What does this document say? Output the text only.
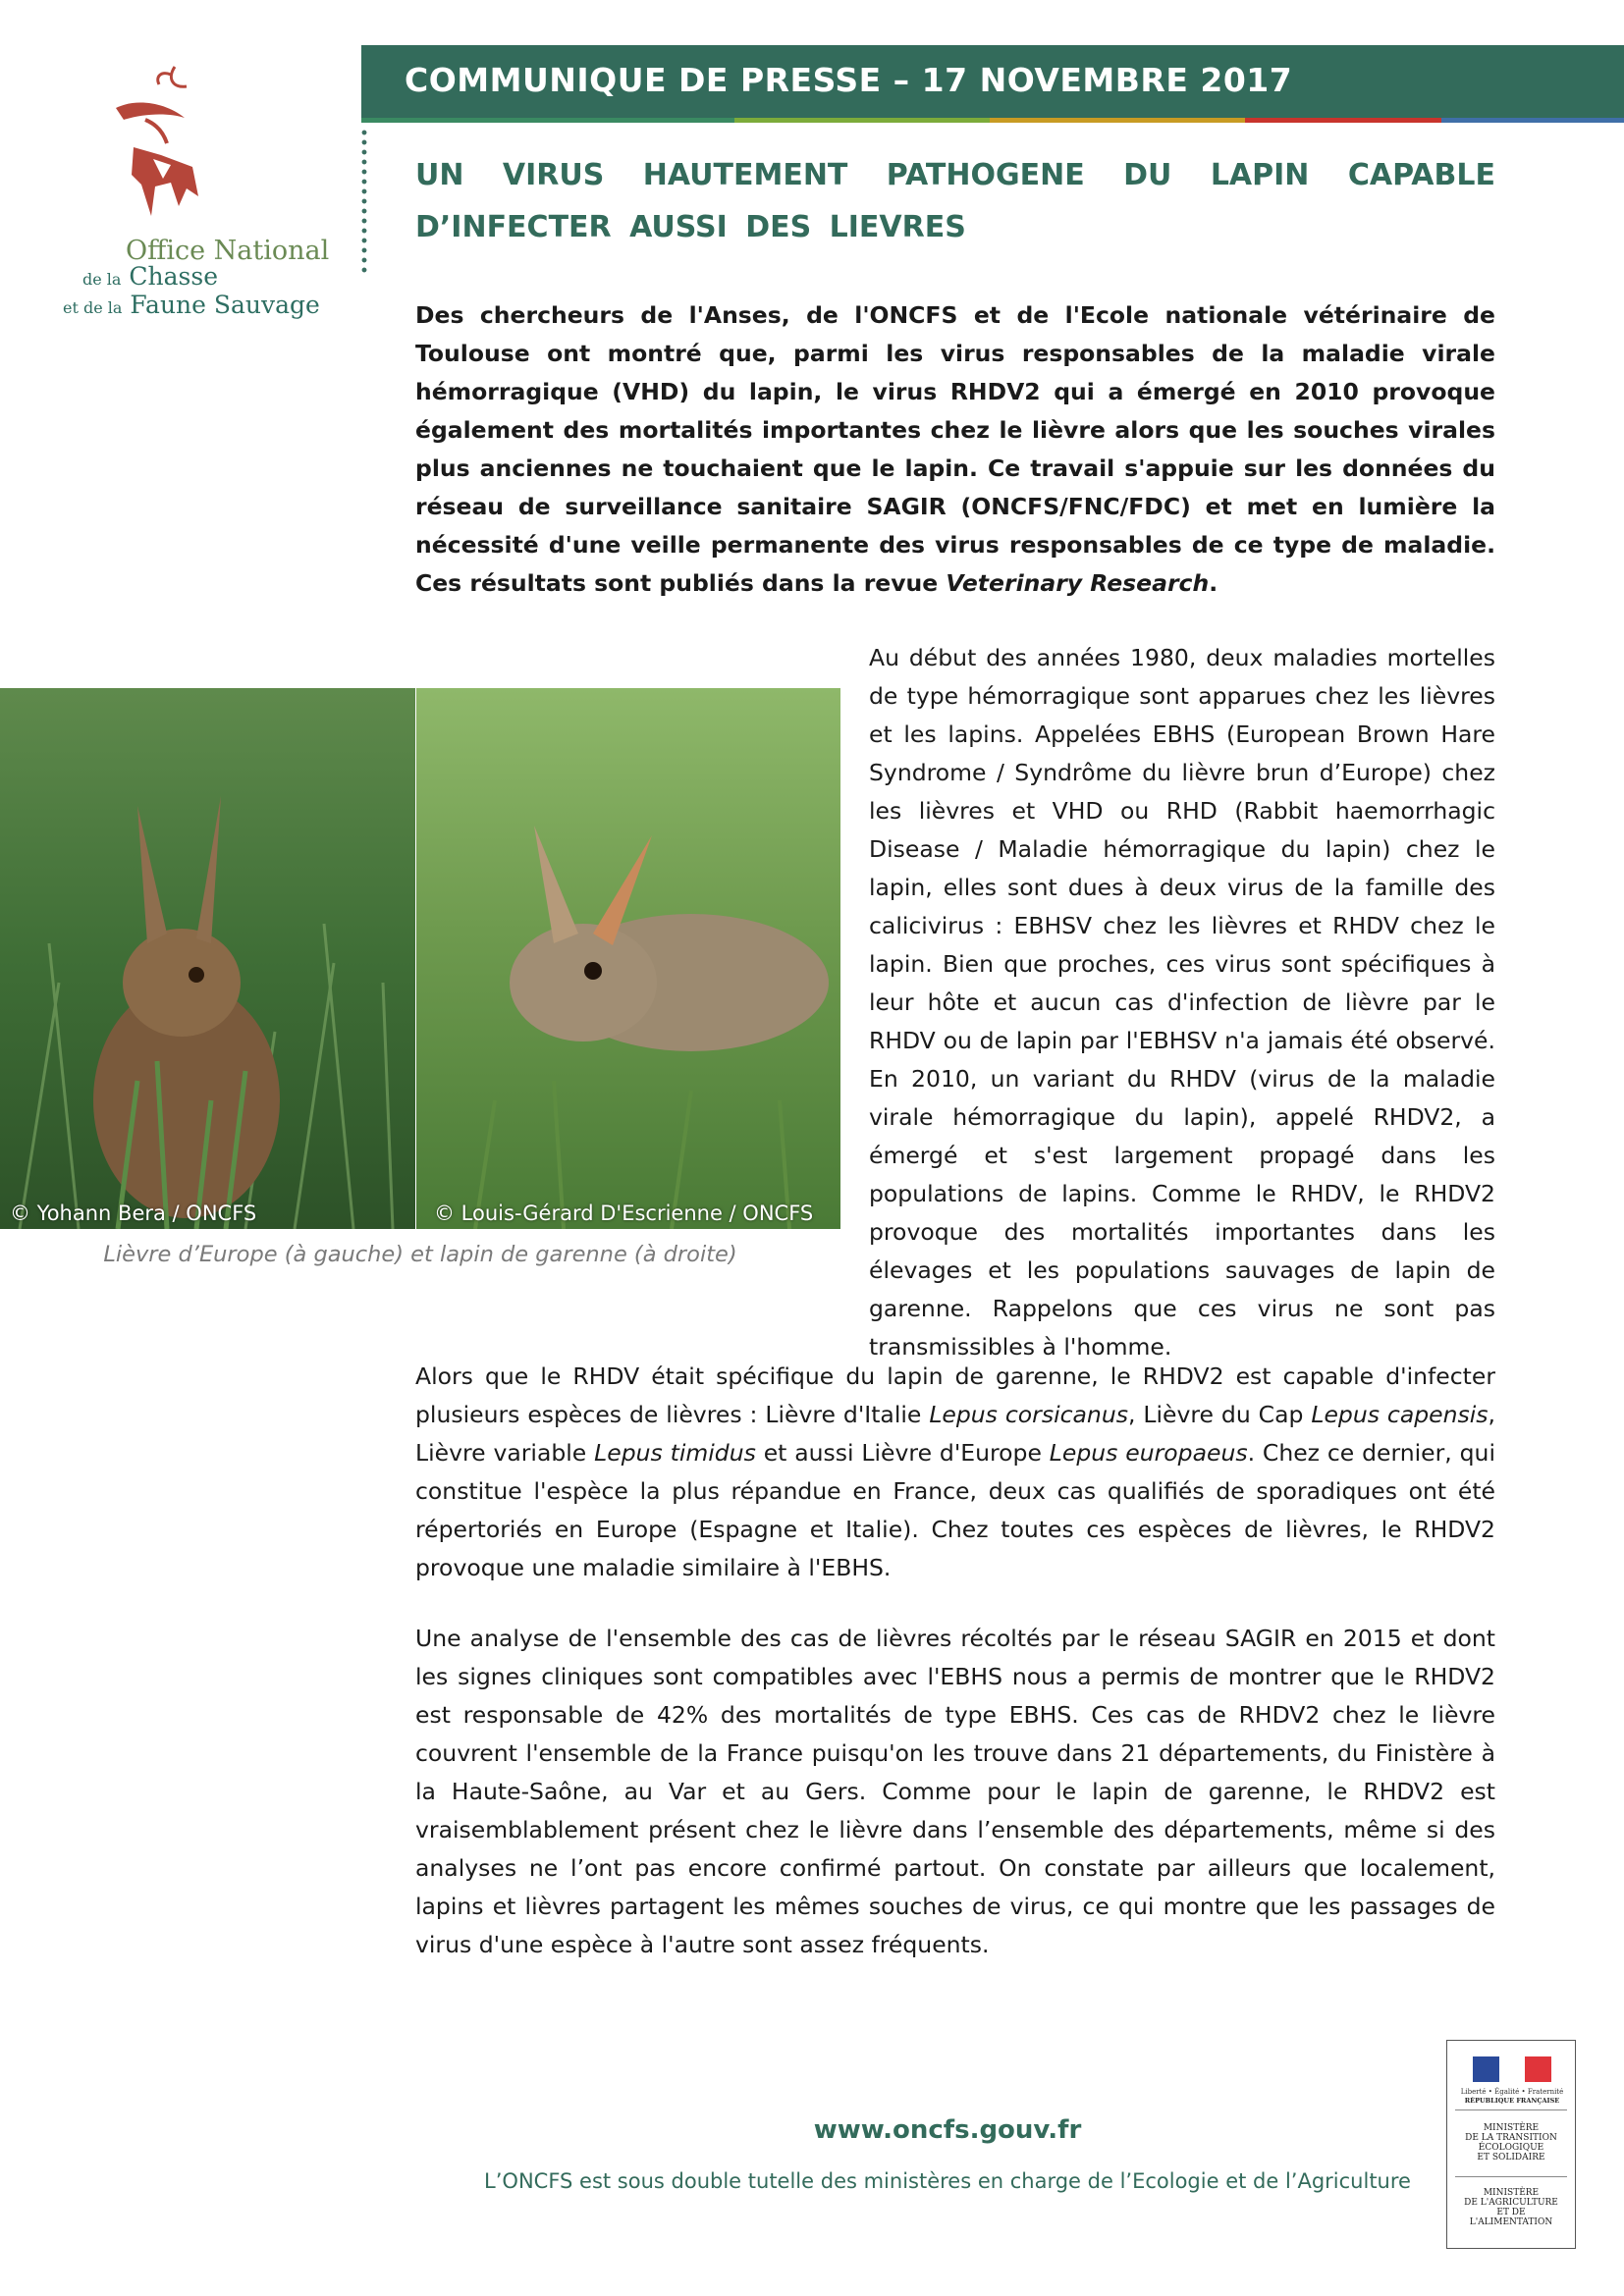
Office National
de la Chasse
et de la Faune Sauvage
COMMUNIQUE DE PRESSE – 17 NOVEMBRE 2017
UN VIRUS HAUTEMENT PATHOGENE DU LAPIN CAPABLE D’INFECTER AUSSI DES LIEVRES
Des chercheurs de l'Anses, de l'ONCFS et de l'Ecole nationale vétérinaire de Toulouse ont montré que, parmi les virus responsables de la maladie virale hémorragique (VHD) du lapin, le virus RHDV2 qui a émergé en 2010 provoque également des mortalités importantes chez le lièvre alors que les souches virales plus anciennes ne touchaient que le lapin. Ce travail s'appuie sur les données du réseau de surveillance sanitaire SAGIR (ONCFS/FNC/FDC) et met en lumière la nécessité d'une veille permanente des virus responsables de ce type de maladie. Ces résultats sont publiés dans la revue Veterinary Research.
© Yohann Bera / ONCFS	© Louis-Gérard D'Escrienne / ONCFS
Lièvre d’Europe (à gauche) et lapin de garenne (à droite)
Au début des années 1980, deux maladies mortelles de type hémorragique sont apparues chez les lièvres et les lapins. Appelées EBHS (European Brown Hare Syndrome / Syndrôme du lièvre brun d’Europe) chez les lièvres et VHD ou RHD (Rabbit haemorrhagic Disease / Maladie hémorragique du lapin) chez le lapin, elles sont dues à deux virus de la famille des calicivirus : EBHSV chez les lièvres et RHDV chez le lapin. Bien que proches, ces virus sont spécifiques à leur hôte et aucun cas d'infection de lièvre par le RHDV ou de lapin par l'EBHSV n'a jamais été observé. En 2010, un variant du RHDV (virus de la maladie virale hémorragique du lapin), appelé RHDV2, a émergé et s'est largement propagé dans les populations de lapins. Comme le RHDV, le RHDV2 provoque des mortalités importantes dans les élevages et les populations sauvages de lapin de garenne. Rappelons que ces virus ne sont pas transmissibles à l'homme.
Alors que le RHDV était spécifique du lapin de garenne, le RHDV2 est capable d'infecter plusieurs espèces de lièvres : Lièvre d'Italie Lepus corsicanus, Lièvre du Cap Lepus capensis, Lièvre variable Lepus timidus et aussi Lièvre d'Europe Lepus europaeus. Chez ce dernier, qui constitue l'espèce la plus répandue en France, deux cas qualifiés de sporadiques ont été répertoriés en Europe (Espagne et Italie). Chez toutes ces espèces de lièvres, le RHDV2 provoque une maladie similaire à l'EBHS.
Une analyse de l'ensemble des cas de lièvres récoltés par le réseau SAGIR en 2015 et dont les signes cliniques sont compatibles avec l'EBHS nous a permis de montrer que le RHDV2 est responsable de 42% des mortalités de type EBHS. Ces cas de RHDV2 chez le lièvre couvrent l'ensemble de la France puisqu'on les trouve dans 21 départements, du Finistère à la Haute-Saône, au Var et au Gers. Comme pour le lapin de garenne, le RHDV2 est vraisemblablement présent chez le lièvre dans l’ensemble des départements, même si des analyses ne l’ont pas encore confirmé partout. On constate par ailleurs que localement, lapins et lièvres partagent les mêmes souches de virus, ce qui montre que les passages de virus d'une espèce à l'autre sont assez fréquents.
www.oncfs.gouv.fr
L’ONCFS est sous double tutelle des ministères en charge de l’Ecologie et de l’Agriculture
Liberté • Égalité • Fraternité
RÉPUBLIQUE FRANÇAISE
MINISTÈRE
DE LA TRANSITION
ÉCOLOGIQUE
ET SOLIDAIRE
MINISTÈRE
DE L'AGRICULTURE
ET DE
L'ALIMENTATION
